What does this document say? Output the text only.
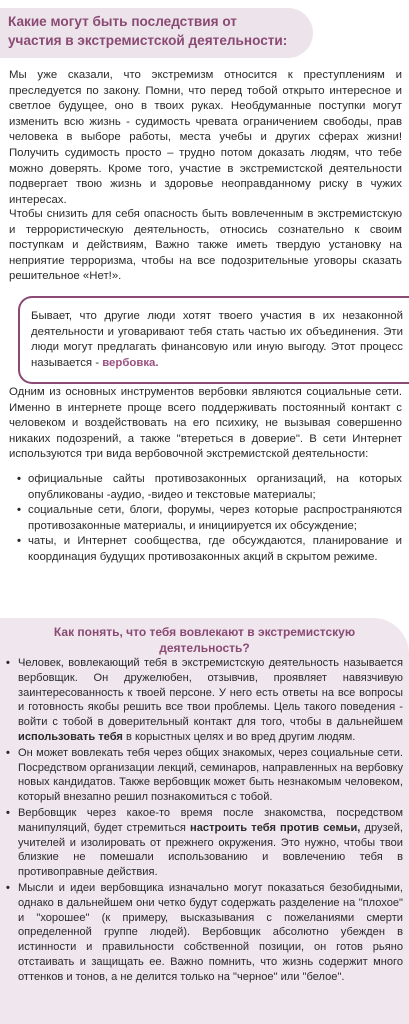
Какие могут быть последствия от
участия в экстремистской деятельности:

Мы уже сказали, что экстремизм относится к преступлениям и преследуется по закону. Помни, что перед тобой открыто интересное и светлое будущее, оно в твоих руках. Необдуманные поступки могут изменить всю жизнь - судимость чревата ограничением свободы, прав человека в выборе работы, места учебы и других сферах жизни! Получить судимость просто – трудно потом доказать людям, что тебе можно доверять. Кроме того, участие в экстремистской деятельности подвергает твою жизнь и здоровье неоправданному риску в чужих интересах.

Чтобы снизить для себя опасность быть вовлеченным в экстремистскую и террористическую деятельность, относись сознательно к своим поступкам и действиям, Важно также иметь твердую установку на неприятие терроризма, чтобы на все подозрительные уговоры сказать решительное «Нет!».

Бывает, что другие люди хотят твоего участия в их незаконной деятельности и уговаривают тебя стать частью их объединения. Эти люди могут предлагать финансовую или иную выгоду. Этот процесс называется - вербовка.

Одним из основных инструментов вербовки являются социальные сети. Именно в интернете проще всего поддерживать постоянный контакт с человеком и воздействовать на его психику, не вызывая совершенно никаких подозрений, а также "втереться в доверие". В сети Интернет используются три вида вербовочной экстремистской деятельности:

• официальные сайты противозаконных организаций, на которых опубликованы -аудио, -видео и текстовые материалы;
• социальные сети, блоги, форумы, через которые распространяются противозаконные материалы, и инициируется их обсуждение;
• чаты, и Интернет сообщества, где обсуждаются, планирование и координация будущих противозаконных акций в скрытом режиме.
Как понять, что тебя вовлекают в экстремистскую
деятельность?
• Человек, вовлекающий тебя в экстремистскую деятельность называется вербовщик. Он дружелюбен, отзывчив, проявляет навязчивую заинтересованность к твоей персоне. У него есть ответы на все вопросы и готовность якобы решить все твои проблемы. Цель такого поведения - войти с тобой в доверительный контакт для того, чтобы в дальнейшем использовать тебя в корыстных целях и во вред другим людям.
• Он может вовлекать тебя через общих знакомых, через социальные сети. Посредством организации лекций, семинаров, направленных на вербовку новых кандидатов. Также вербовщик может быть незнакомым человеком, который внезапно решил познакомиться с тобой.
• Вербовщик через какое-то время после знакомства, посредством манипуляций, будет стремиться настроить тебя против семьи, друзей, учителей и изолировать от прежнего окружения. Это нужно, чтобы твои близкие не помешали использованию и вовлечению тебя в противоправные действия.
• Мысли и идеи вербовщика изначально могут показаться безобидными, однако в дальнейшем они четко будут содержать разделение на "плохое" и "хорошее" (к примеру, высказывания с пожеланиями смерти определенной группе людей). Вербовщик абсолютно убежден в истинности и правильности собственной позиции, он готов рьяно отстаивать и защищать ее. Важно помнить, что жизнь содержит много оттенков и тонов, а не делится только на "черное" или "белое".
